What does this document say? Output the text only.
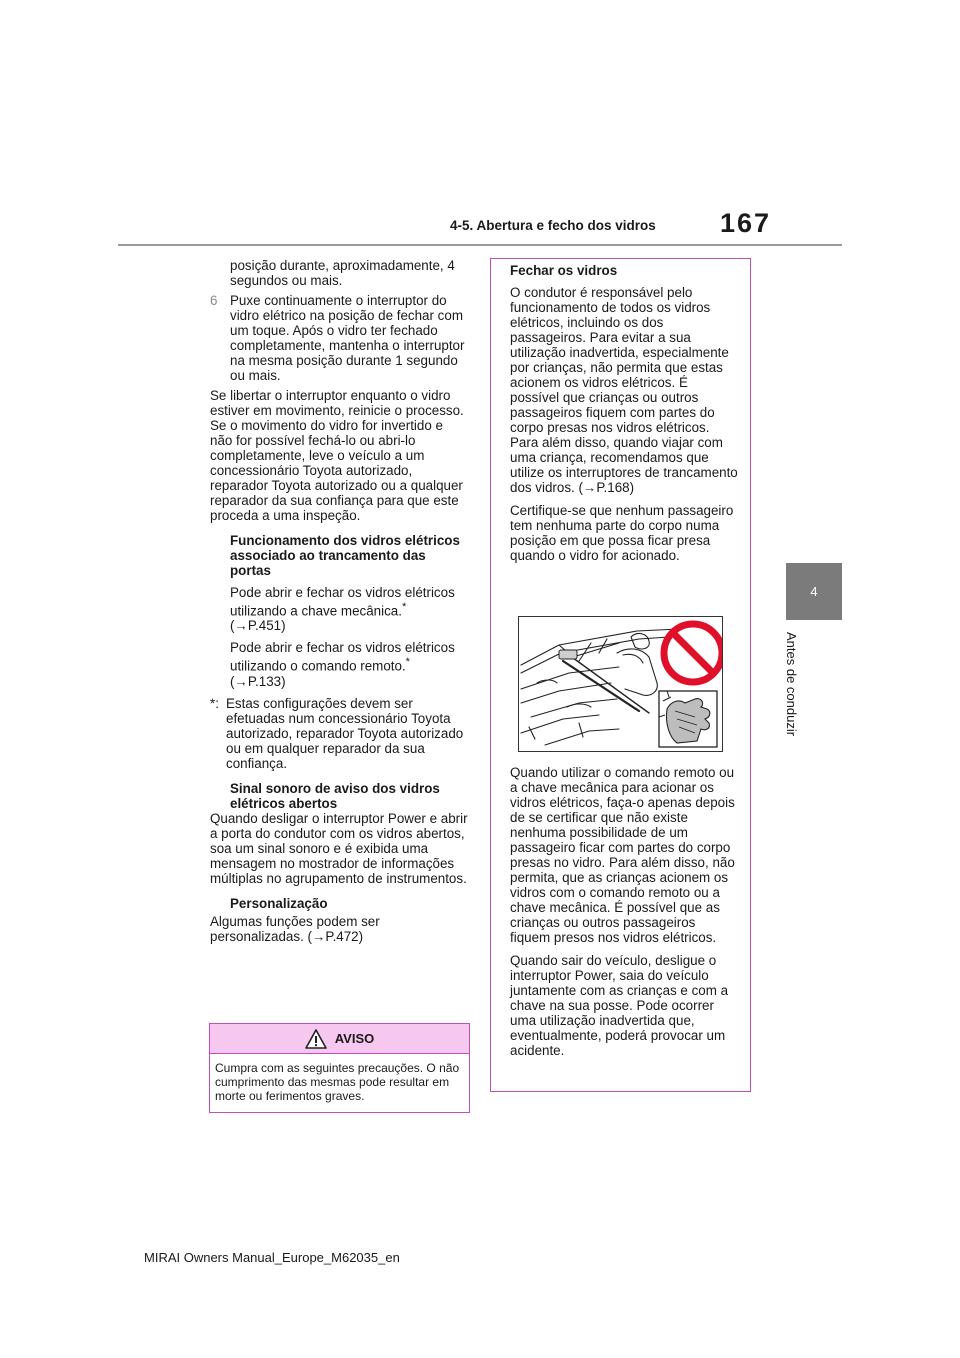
4-5. Abertura e fecho dos vidros 167
4
Antes de conduzir

posição durante, aproximadamente, 4 segundos ou mais.

6 Puxe continuamente o interruptor do vidro elétrico na posição de fechar com um toque. Após o vidro ter fechado completamente, mantenha o interruptor na mesma posição durante 1 segundo ou mais.

Se libertar o interruptor enquanto o vidro estiver em movimento, reinicie o processo.

Se o movimento do vidro for invertido e não for possível fechá-lo ou abri-lo completamente, leve o veículo a um concessionário Toyota autorizado, reparador Toyota autorizado ou a qualquer reparador da sua confiança para que este proceda a uma inspeção.

Funcionamento dos vidros elétricos associado ao trancamento das portas

Pode abrir e fechar os vidros elétricos utilizando a chave mecânica.*

(→P.451)

Pode abrir e fechar os vidros elétricos utilizando o comando remoto.*

(→P.133)

*: Estas configurações devem ser efetuadas num concessionário Toyota autorizado, reparador Toyota autorizado ou em qualquer reparador da sua confiança.

Sinal sonoro de aviso dos vidros elétricos abertos

Quando desligar o interruptor Power e abrir a porta do condutor com os vidros abertos, soa um sinal sonoro e é exibida uma mensagem no mostrador de informações múltiplas no agrupamento de instrumentos.

Personalização

Algumas funções podem ser personalizadas. (→P.472)

AVISO
Cumpra com as seguintes precauções. O não cumprimento das mesmas pode resultar em morte ou ferimentos graves.

Fechar os vidros

O condutor é responsável pelo funcionamento de todos os vidros elétricos, incluindo os dos passageiros. Para evitar a sua utilização inadvertida, especialmente por crianças, não permita que estas acionem os vidros elétricos. É possível que crianças ou outros passageiros fiquem com partes do corpo presas nos vidros elétricos. Para além disso, quando viajar com uma criança, recomendamos que utilize os interruptores de trancamento dos vidros. (→P.168)

Certifique-se que nenhum passageiro tem nenhuma parte do corpo numa posição em que possa ficar presa quando o vidro for acionado.

Quando utilizar o comando remoto ou a chave mecânica para acionar os vidros elétricos, faça-o apenas depois de se certificar que não existe nenhuma possibilidade de um passageiro ficar com partes do corpo presas no vidro. Para além disso, não permita, que as crianças acionem os vidros com o comando remoto ou a chave mecânica. É possível que as crianças ou outros passageiros fiquem presos nos vidros elétricos.

Quando sair do veículo, desligue o interruptor Power, saia do veículo juntamente com as crianças e com a chave na sua posse. Pode ocorrer uma utilização inadvertida que, eventualmente, poderá provocar um acidente.

MIRAI Owners Manual_Europe_M62035_en
